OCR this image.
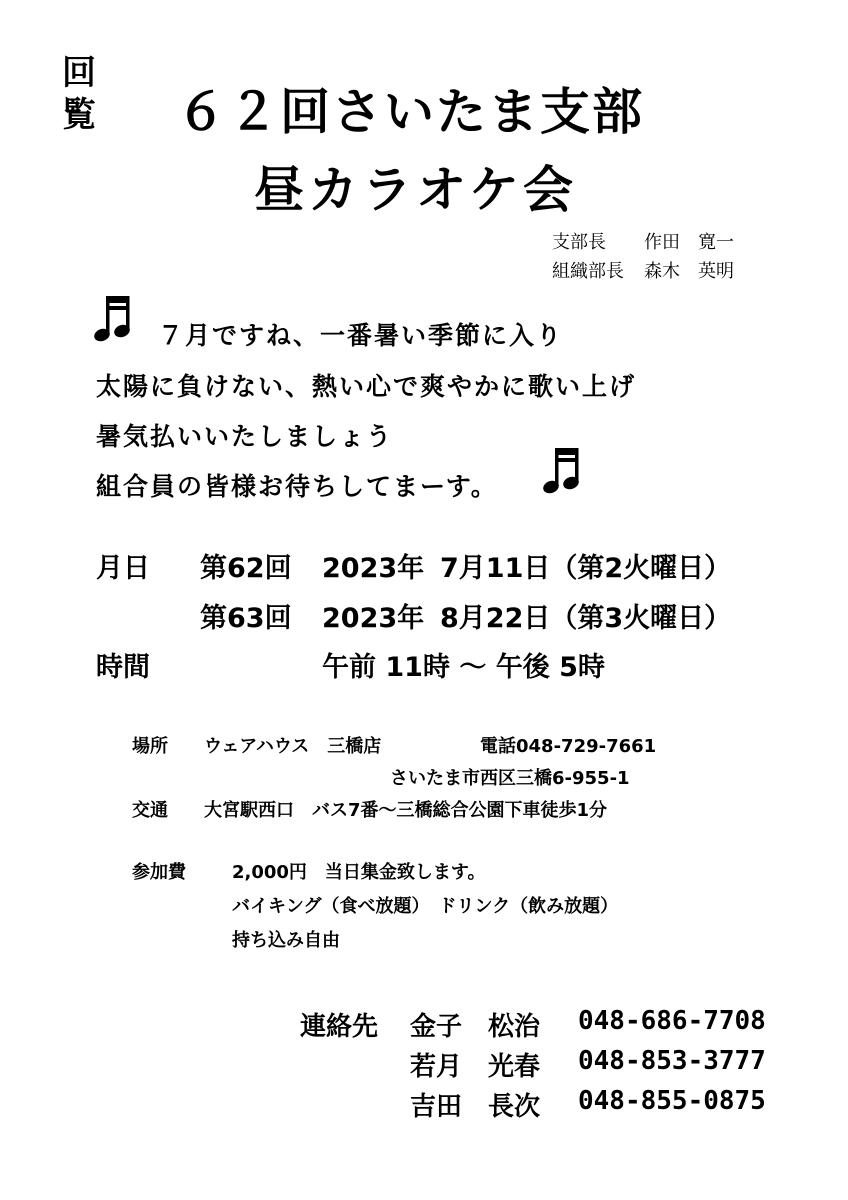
回
覧 ６２回さいたま支部
昼カラオケ会
支部長 作田　寛一
組織部長 森木　英明
７月ですね、一番暑い季節に入り
太陽に負けない、熱い心で爽やかに歌い上げ
暑気払いいたしましょう
組合員の皆様お待ちしてまーす。
月日 第62回 2023年 7月11日（第2火曜日）
第63回 2023年 8月22日（第3火曜日）
時間	午前 11時 ～ 午後 5時
場所 ウェアハウス　三橋店	電話048-729-7661
さいたま市西区三橋6-955-1
交通 大宮駅西口　バス7番～三橋総合公園下車徒歩1分
参加費	2,000円　当日集金致します。
バイキング（食べ放題）　ドリンク（飲み放題）
持ち込み自由
連絡先 金子　松治 048-686-7708
若月　光春 048-853-3777
吉田　長次 048-855-0875
